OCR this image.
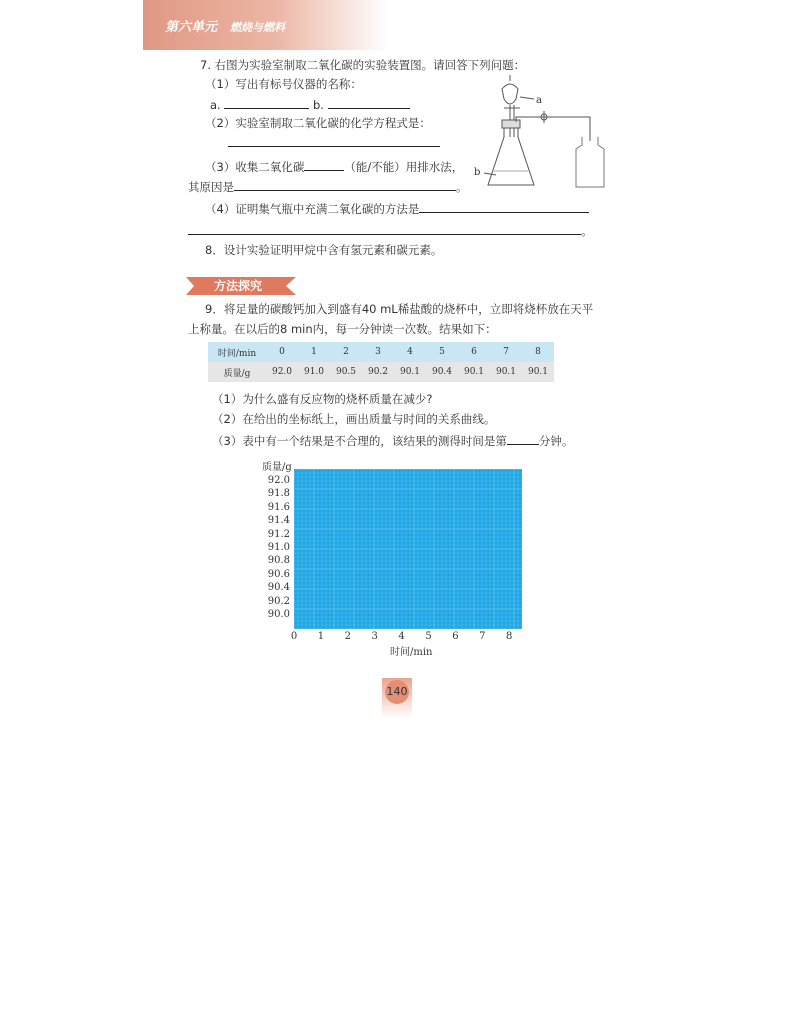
第六单元　 燃烧与燃料
7. 右图为实验室制取二氧化碳的实验装置图。请回答下列问题：
（1）写出有标号仪器的名称：
a.	b.
（2）实验室制取二氧化碳的化学方程式是：
（3）收集二氧化碳	（能/不能）用排水法，
其原因是	。
（4）证明集气瓶中充满二氧化碳的方法是
。
a
b
8．设计实验证明甲烷中含有氢元素和碳元素。
方法探究
9．将足量的碳酸钙加入到盛有40 mL稀盐酸的烧杯中，立即将烧杯放在天平
上称量。在以后的8 min内，每一分钟读一次数。结果如下：
时间/min	0	1	2	3	4	5	6	7	8
质量/g	92.0	91.0	90.5	90.2	90.1	90.4	90.1	90.1	90.1
（1）为什么盛有反应物的烧杯质量在减少?
（2）在给出的坐标纸上，画出质量与时间的关系曲线。
（3）表中有一个结果是不合理的，该结果的测得时间是第	分钟。
质量/g
92.0
91.8
91.6
91.4
91.2
91.0
90.8
90.6
90.4
90.2
90.0
0	1	2	3	4	5	6	7	8
时间/min
140
